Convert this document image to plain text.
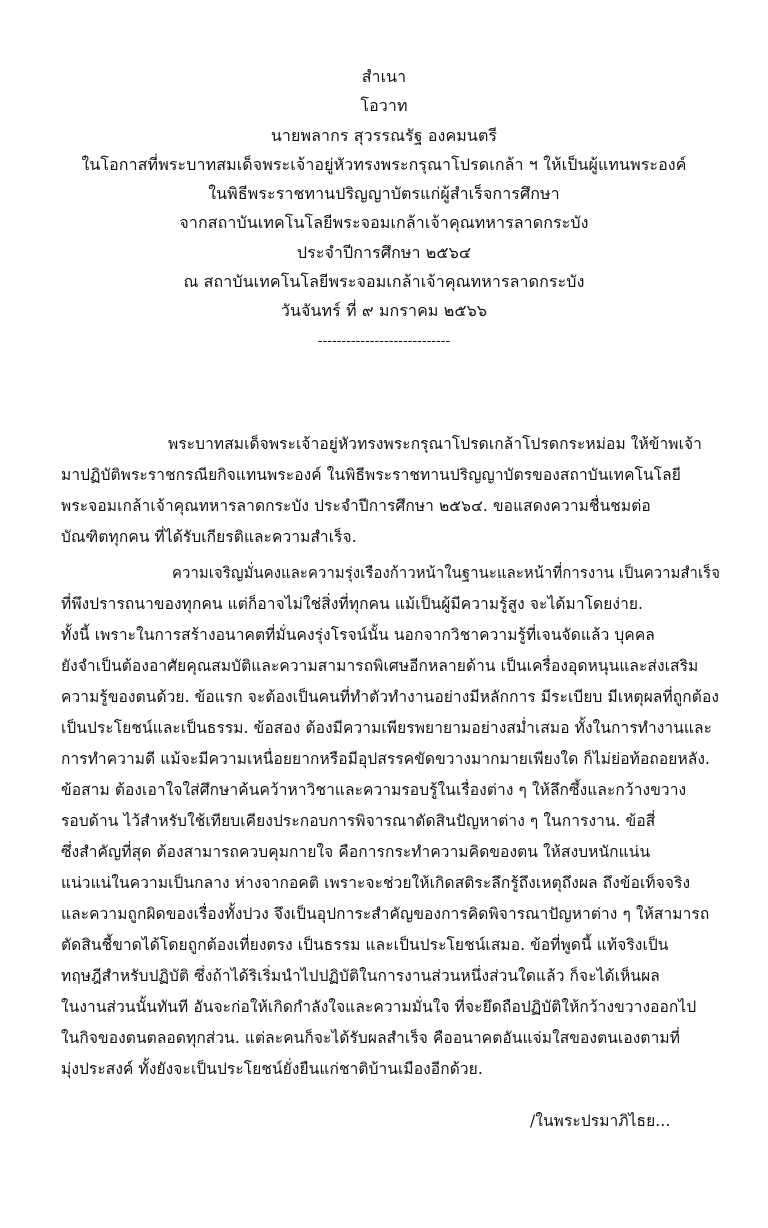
สำเนา
โอวาท
นายพลากร สุวรรณรัฐ องคมนตรี
ในโอกาสที่พระบาทสมเด็จพระเจ้าอยู่หัวทรงพระกรุณาโปรดเกล้า ฯ ให้เป็นผู้แทนพระองค์
ในพิธีพระราชทานปริญญาบัตรแก่ผู้สำเร็จการศึกษา
จากสถาบันเทคโนโลยีพระจอมเกล้าเจ้าคุณทหารลาดกระบัง
ประจำปีการศึกษา ๒๕๖๔
ณ สถาบันเทคโนโลยีพระจอมเกล้าเจ้าคุณทหารลาดกระบัง
วันจันทร์ ที่ ๙ มกราคม ๒๕๖๖
----------------------------
พระบาทสมเด็จพระเจ้าอยู่หัวทรงพระกรุณาโปรดเกล้าโปรดกระหม่อม ให้ข้าพเจ้า
มาปฏิบัติพระราชกรณียกิจแทนพระองค์ ในพิธีพระราชทานปริญญาบัตรของสถาบันเทคโนโลยี
พระจอมเกล้าเจ้าคุณทหารลาดกระบัง ประจำปีการศึกษา ๒๕๖๔. ขอแสดงความชื่นชมต่อ
บัณฑิตทุกคน ที่ได้รับเกียรติและความสำเร็จ.
ความเจริญมั่นคงและความรุ่งเรืองก้าวหน้าในฐานะและหน้าที่การงาน เป็นความสำเร็จ
ที่พึงปรารถนาของทุกคน แต่ก็อาจไม่ใช่สิ่งที่ทุกคน แม้เป็นผู้มีความรู้สูง จะได้มาโดยง่าย.
ทั้งนี้ เพราะในการสร้างอนาคตที่มั่นคงรุ่งโรจน์นั้น นอกจากวิชาความรู้ที่เจนจัดแล้ว บุคคล
ยังจำเป็นต้องอาศัยคุณสมบัติและความสามารถพิเศษอีกหลายด้าน เป็นเครื่องอุดหนุนและส่งเสริม
ความรู้ของตนด้วย. ข้อแรก จะต้องเป็นคนที่ทำตัวทำงานอย่างมีหลักการ มีระเบียบ มีเหตุผลที่ถูกต้อง
เป็นประโยชน์และเป็นธรรม. ข้อสอง ต้องมีความเพียรพยายามอย่างสม่ำเสมอ ทั้งในการทำงานและ
การทำความดี แม้จะมีความเหนื่อยยากหรือมีอุปสรรคขัดขวางมากมายเพียงใด ก็ไม่ย่อท้อถอยหลัง.
ข้อสาม ต้องเอาใจใส่ศึกษาค้นคว้าหาวิชาและความรอบรู้ในเรื่องต่าง ๆ ให้ลึกซึ้งและกว้างขวาง
รอบด้าน ไว้สำหรับใช้เทียบเคียงประกอบการพิจารณาตัดสินปัญหาต่าง ๆ ในการงาน. ข้อสี่
ซึ่งสำคัญที่สุด ต้องสามารถควบคุมกายใจ คือการกระทำความคิดของตน ให้สงบหนักแน่น
แน่วแน่ในความเป็นกลาง ห่างจากอคติ เพราะจะช่วยให้เกิดสติระลึกรู้ถึงเหตุถึงผล ถึงข้อเท็จจริง
และความถูกผิดของเรื่องทั้งปวง จึงเป็นอุปการะสำคัญของการคิดพิจารณาปัญหาต่าง ๆ ให้สามารถ
ตัดสินชี้ขาดได้โดยถูกต้องเที่ยงตรง เป็นธรรม และเป็นประโยชน์เสมอ. ข้อที่พูดนี้ แท้จริงเป็น
ทฤษฎีสำหรับปฏิบัติ ซึ่งถ้าได้ริเริ่มนำไปปฏิบัติในการงานส่วนหนึ่งส่วนใดแล้ว ก็จะได้เห็นผล
ในงานส่วนนั้นทันที อันจะก่อให้เกิดกำลังใจและความมั่นใจ ที่จะยึดถือปฏิบัติให้กว้างขวางออกไป
ในกิจของตนตลอดทุกส่วน. แต่ละคนก็จะได้รับผลสำเร็จ คืออนาคตอันแจ่มใสของตนเองตามที่
มุ่งประสงค์ ทั้งยังจะเป็นประโยชน์ยั่งยืนแก่ชาติบ้านเมืองอีกด้วย.
/ในพระปรมาภิไธย...
